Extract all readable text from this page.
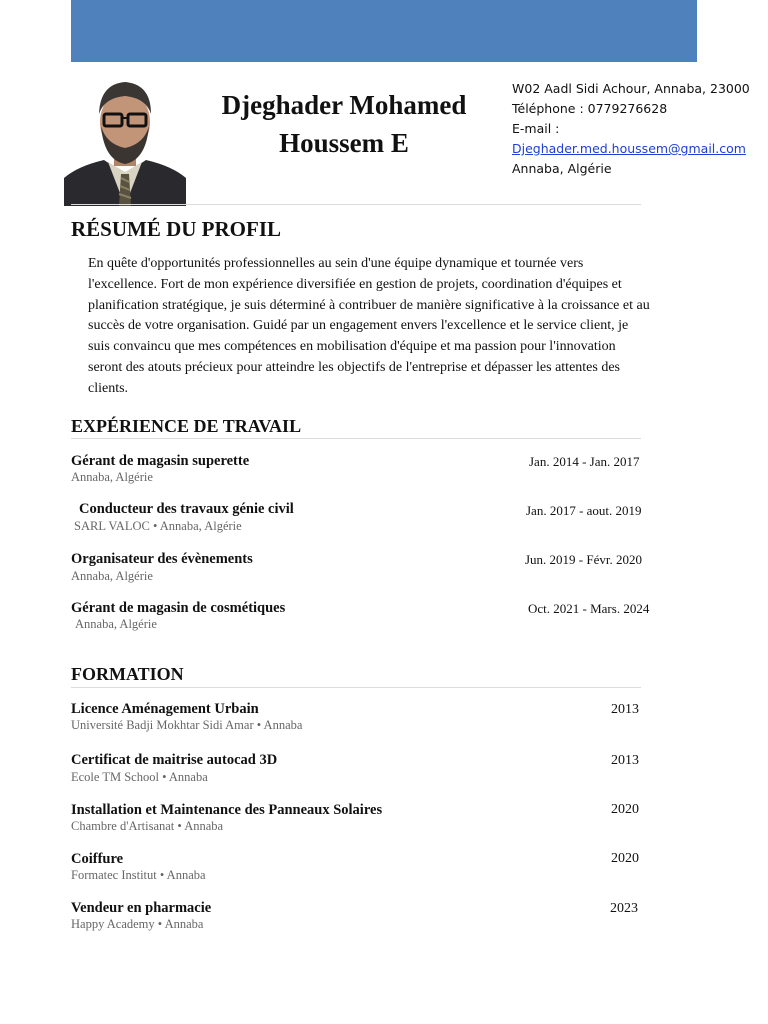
Djeghader Mohamed
Houssem E
W02 Aadl Sidi Achour, Annaba, 23000
Téléphone : 0779276628
E-mail :
Djeghader.med.houssem@gmail.com
Annaba, Algérie
RÉSUMÉ DU PROFIL
En quête d'opportunités professionnelles au sein d'une équipe dynamique et tournée vers
l'excellence. Fort de mon expérience diversifiée en gestion de projets, coordination d'équipes et
planification stratégique, je suis déterminé à contribuer de manière significative à la croissance et au
succès de votre organisation. Guidé par un engagement envers l'excellence et le service client, je
suis convaincu que mes compétences en mobilisation d'équipe et ma passion pour l'innovation
seront des atouts précieux pour atteindre les objectifs de l'entreprise et dépasser les attentes des
clients.
EXPÉRIENCE DE TRAVAIL
Gérant de magasin superette
Annaba, Algérie
Jan. 2014 - Jan. 2017
Conducteur des travaux génie civil
SARL VALOC • Annaba, Algérie
Jan. 2017 - aout. 2019
Organisateur des évènements
Annaba, Algérie
Jun. 2019 - Févr. 2020
Gérant de magasin de cosmétiques
Annaba, Algérie
Oct. 2021 - Mars. 2024
FORMATION
Licence Aménagement Urbain
Université Badji Mokhtar Sidi Amar • Annaba
2013
Certificat de maitrise autocad 3D
Ecole TM School • Annaba
2013
Installation et Maintenance des Panneaux Solaires
Chambre d'Artisanat • Annaba
2020
Coiffure
Formatec Institut • Annaba
2020
Vendeur en pharmacie
Happy Academy • Annaba
2023
